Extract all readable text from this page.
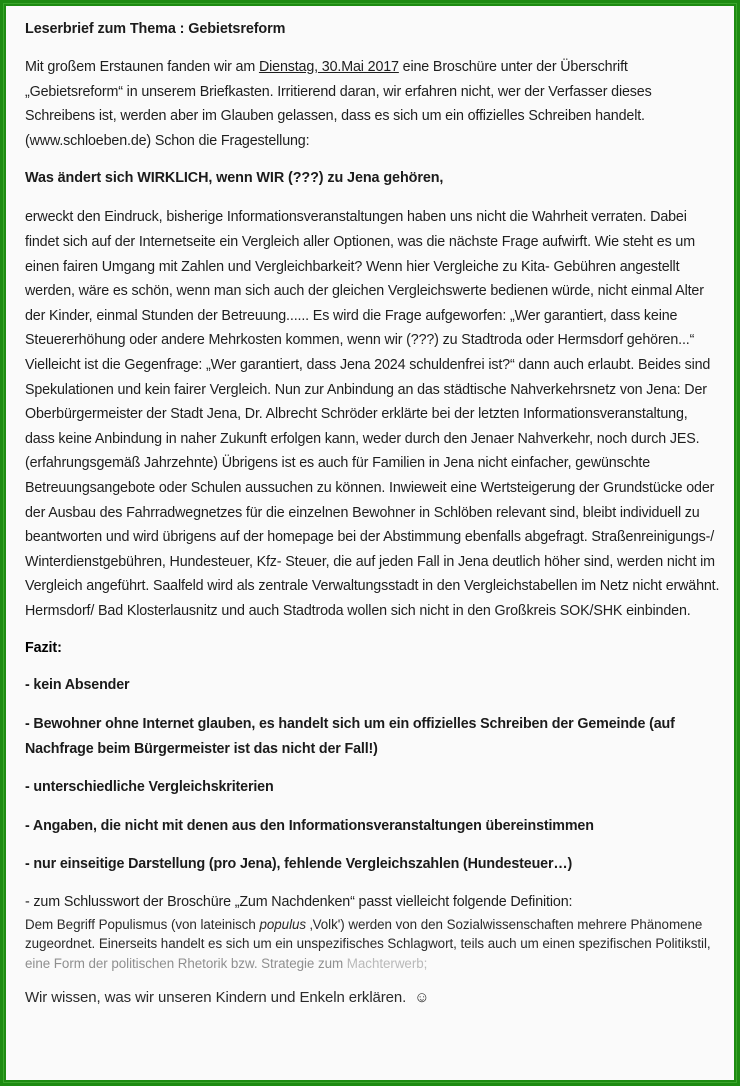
Leserbrief zum Thema : Gebietsreform

Mit großem Erstaunen fanden wir am Dienstag, 30.Mai 2017 eine Broschüre unter der Überschrift „Gebietsreform“ in unserem Briefkasten. Irritierend daran, wir erfahren nicht, wer der Verfasser dieses Schreibens ist, werden aber im Glauben gelassen, dass es sich um ein offizielles Schreiben handelt. (www.schloeben.de) Schon die Fragestellung:

Was ändert sich WIRKLICH, wenn WIR (???) zu Jena gehören,

erweckt den Eindruck, bisherige Informationsveranstaltungen haben uns nicht die Wahrheit verraten. Dabei findet sich auf der Internetseite ein Vergleich aller Optionen, was die nächste Frage aufwirft. Wie steht es um einen fairen Umgang mit Zahlen und Vergleichbarkeit? Wenn hier Vergleiche zu Kita- Gebühren angestellt werden, wäre es schön, wenn man sich auch der gleichen Vergleichswerte bedienen würde, nicht einmal Alter der Kinder, einmal Stunden der Betreuung...... Es wird die Frage aufgeworfen: „Wer garantiert, dass keine Steuererhöhung oder andere Mehrkosten kommen, wenn wir (???) zu Stadtroda oder Hermsdorf gehören...“ Vielleicht ist die Gegenfrage: „Wer garantiert, dass Jena 2024 schuldenfrei ist?“ dann auch erlaubt. Beides sind Spekulationen und kein fairer Vergleich. Nun zur Anbindung an das städtische Nahverkehrsnetz von Jena: Der Oberbürgermeister der Stadt Jena, Dr. Albrecht Schröder erklärte bei der letzten Informationsveranstaltung, dass keine Anbindung in naher Zukunft erfolgen kann, weder durch den Jenaer Nahverkehr, noch durch JES. (erfahrungsgemäß Jahrzehnte) Übrigens ist es auch für Familien in Jena nicht einfacher, gewünschte Betreuungsangebote oder Schulen aussuchen zu können. Inwieweit eine Wertsteigerung der Grundstücke oder der Ausbau des Fahrradwegnetzes für die einzelnen Bewohner in Schlöben relevant sind, bleibt individuell zu beantworten und wird übrigens auf der homepage bei der Abstimmung ebenfalls abgefragt. Straßenreinigungs-/ Winterdienstgebühren, Hundesteuer, Kfz- Steuer, die auf jeden Fall in Jena deutlich höher sind, werden nicht im Vergleich angeführt. Saalfeld wird als zentrale Verwaltungsstadt in den Vergleichstabellen im Netz nicht erwähnt. Hermsdorf/ Bad Klosterlausnitz und auch Stadtroda wollen sich nicht in den Großkreis SOK/SHK einbinden.

Fazit:

- kein Absender

- Bewohner ohne Internet glauben, es handelt sich um ein offizielles Schreiben der Gemeinde (auf Nachfrage beim Bürgermeister ist das nicht der Fall!)

- unterschiedliche Vergleichskriterien

- Angaben, die nicht mit denen aus den Informationsveranstaltungen übereinstimmen

- nur einseitige Darstellung (pro Jena), fehlende Vergleichszahlen (Hundesteuer…)

- zum Schlusswort der Broschüre „Zum Nachdenken“ passt vielleicht folgende Definition:

Dem Begriff Populismus (von lateinisch populus ‚Volk') werden von den Sozialwissenschaften mehrere Phänomene zugeordnet. Einerseits handelt es sich um ein unspezifisches Schlagwort, teils auch um einen spezifischen Politikstil, eine Form der politischen Rhetorik bzw. Strategie zum Machterwerb;

Wir wissen, was wir unseren Kindern und Enkeln erklären. ☺
